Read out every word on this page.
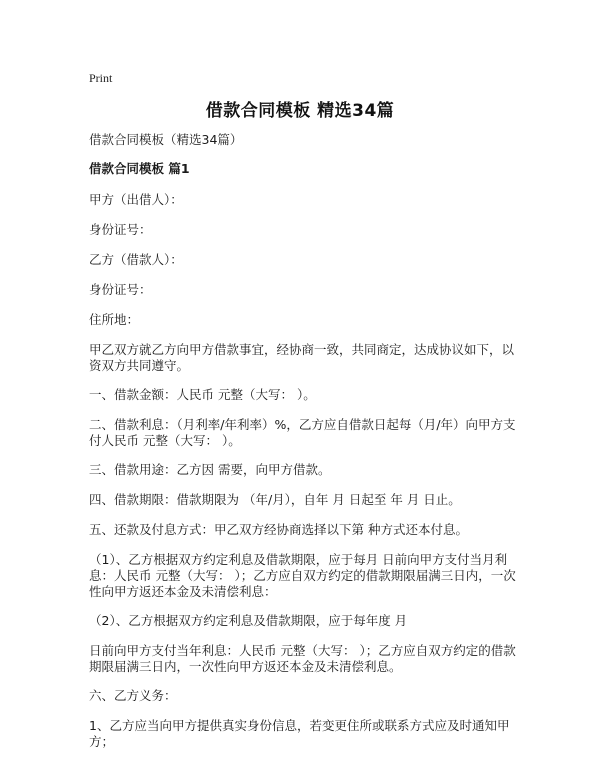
Print
借款合同模板 精选34篇

借款合同模板（精选34篇）

借款合同模板 篇1

甲方（出借人）：

身份证号：

乙方（借款人）：

身份证号：

住所地：

甲乙双方就乙方向甲方借款事宜，经协商一致，共同商定，达成协议如下，以资双方共同遵守。

一、借款金额：人民币 元整（大写： ）。

二、借款利息：（月利率/年利率）%，乙方应自借款日起每（月/年）向甲方支付人民币 元整（大写： ）。

三、借款用途：乙方因 需要，向甲方借款。

四、借款期限：借款期限为 （年/月），自年 月 日起至 年 月 日止。

五、还款及付息方式：甲乙双方经协商选择以下第 种方式还本付息。

（1）、乙方根据双方约定利息及借款期限，应于每月 日前向甲方支付当月利息：人民币 元整（大写： ）；乙方应自双方约定的借款期限届满三日内，一次性向甲方返还本金及未清偿利息：

（2）、乙方根据双方约定利息及借款期限，应于每年度 月

日前向甲方支付当年利息：人民币 元整（大写： ）；乙方应自双方约定的借款期限届满三日内，一次性向甲方返还本金及未清偿利息。

六、乙方义务：

1、乙方应当向甲方提供真实身份信息，若变更住所或联系方式应及时通知甲方；
